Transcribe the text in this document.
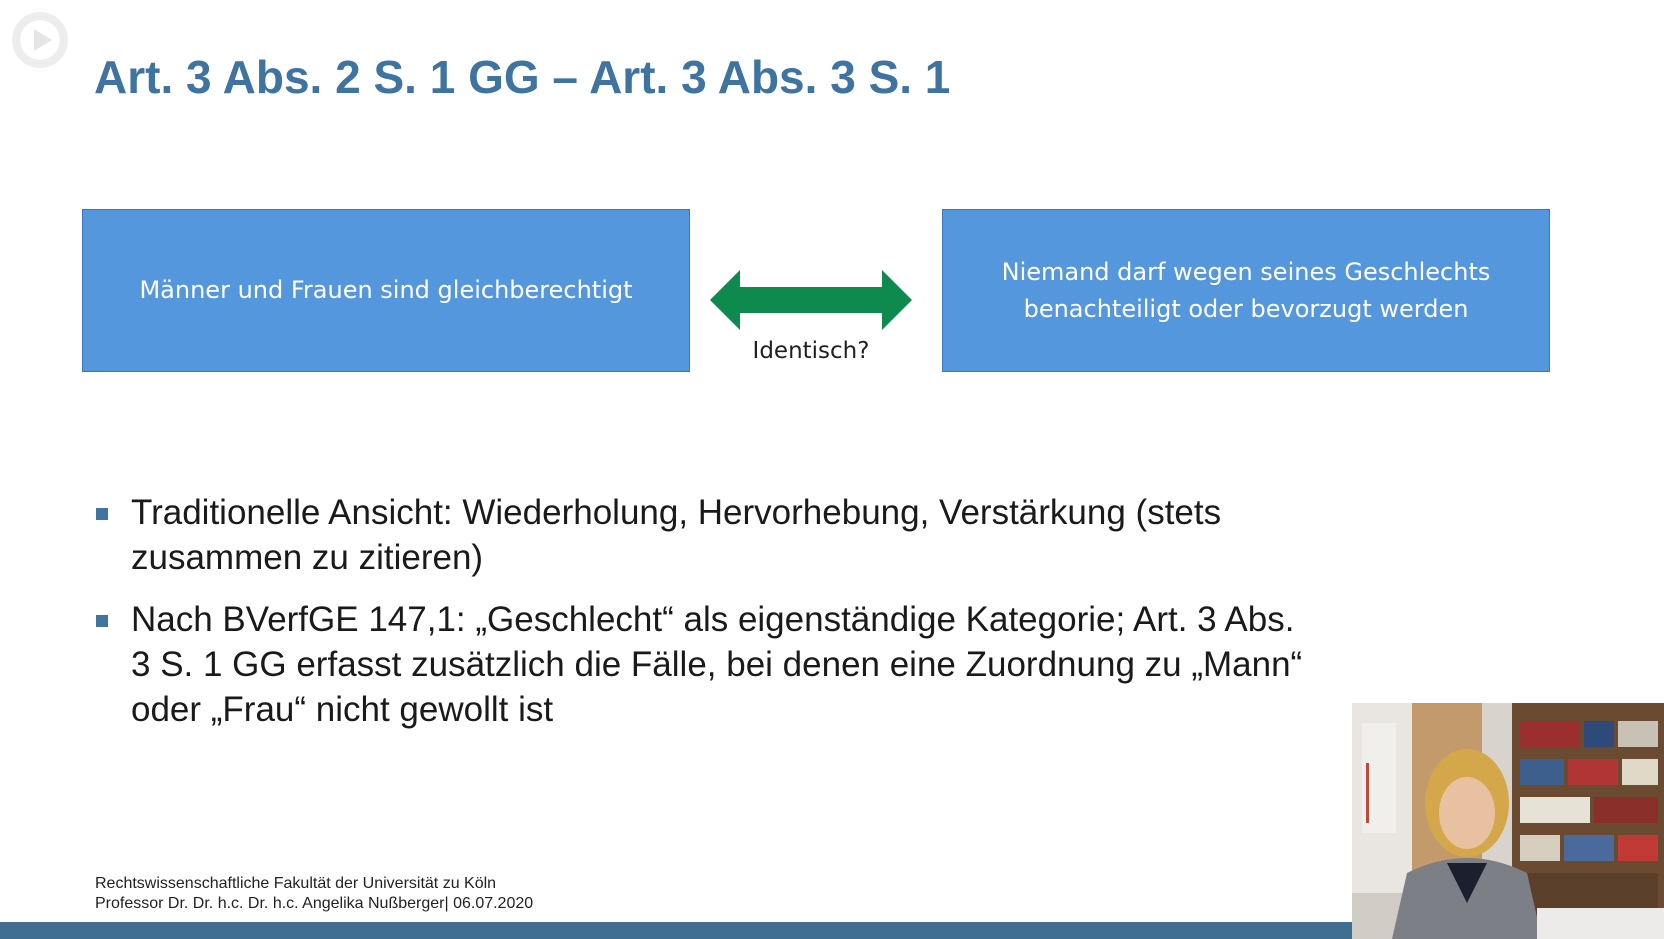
Art. 3 Abs. 2 S. 1 GG – Art. 3 Abs. 3 S. 1
Männer und Frauen sind gleichberechtigt
Identisch?
Niemand darf wegen seines Geschlechts
benachteiligt oder bevorzugt werden
Traditionelle Ansicht: Wiederholung, Hervorhebung, Verstärkung (stets
zusammen zu zitieren)
Nach BVerfGE 147,1: „Geschlecht“ als eigenständige Kategorie; Art. 3 Abs.
3 S. 1 GG erfasst zusätzlich die Fälle, bei denen eine Zuordnung zu „Mann“
oder „Frau“ nicht gewollt ist
Rechtswissenschaftliche Fakultät der Universität zu Köln
Professor Dr. Dr. h.c. Dr. h.c. Angelika Nußberger| 06.07.2020
